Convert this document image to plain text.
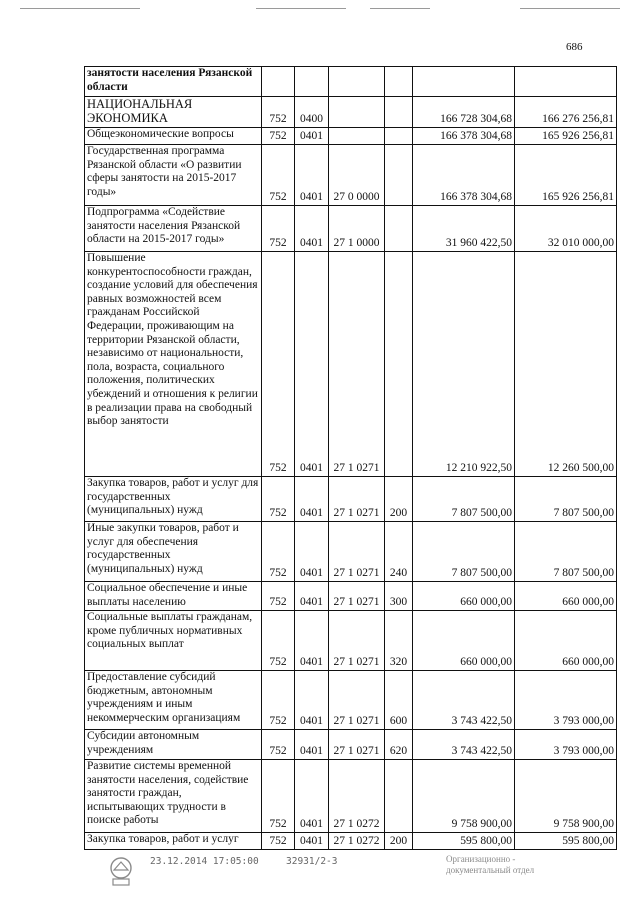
686
занятости населения Рязанской области						
НАЦИОНАЛЬНАЯ ЭКОНОМИКА	752	0400			166 728 304,68	166 276 256,81
Общеэкономические вопросы	752	0401			166 378 304,68	165 926 256,81
Государственная программа Рязанской области «О развитии сферы занятости на 2015-2017 годы»	752	0401	27 0 0000		166 378 304,68	165 926 256,81
Подпрограмма «Содействие занятости населения Рязанской области на 2015-2017 годы»	752	0401	27 1 0000		31 960 422,50	32 010 000,00
Повышение конкурентоспособности граждан, создание условий для обеспечения равных возможностей всем гражданам Российской Федерации, проживающим на территории Рязанской области, независимо от национальности, пола, возраста, социального положения, политических убеждений и отношения к религии в реализации права на свободный выбор занятости	752	0401	27 1 0271		12 210 922,50	12 260 500,00
Закупка товаров, работ и услуг для государственных (муниципальных) нужд	752	0401	27 1 0271	200	7 807 500,00	7 807 500,00
Иные закупки товаров, работ и услуг для обеспечения государственных (муниципальных) нужд	752	0401	27 1 0271	240	7 807 500,00	7 807 500,00
Социальное обеспечение и иные выплаты населению	752	0401	27 1 0271	300	660 000,00	660 000,00
Социальные выплаты гражданам, кроме публичных нормативных социальных выплат	752	0401	27 1 0271	320	660 000,00	660 000,00
Предоставление субсидий бюджетным, автономным учреждениям и иным некоммерческим организациям	752	0401	27 1 0271	600	3 743 422,50	3 793 000,00
Субсидии автономным учреждениям	752	0401	27 1 0271	620	3 743 422,50	3 793 000,00
Развитие системы временной занятости населения, содействие занятости граждан, испытывающих трудности в поиске работы	752	0401	27 1 0272		9 758 900,00	9 758 900,00
Закупка товаров, работ и услуг	752	0401	27 1 0272	200	595 800,00	595 800,00
23.12.2014 17:05:00	32931/2-3	Организационно - документальный отдел
